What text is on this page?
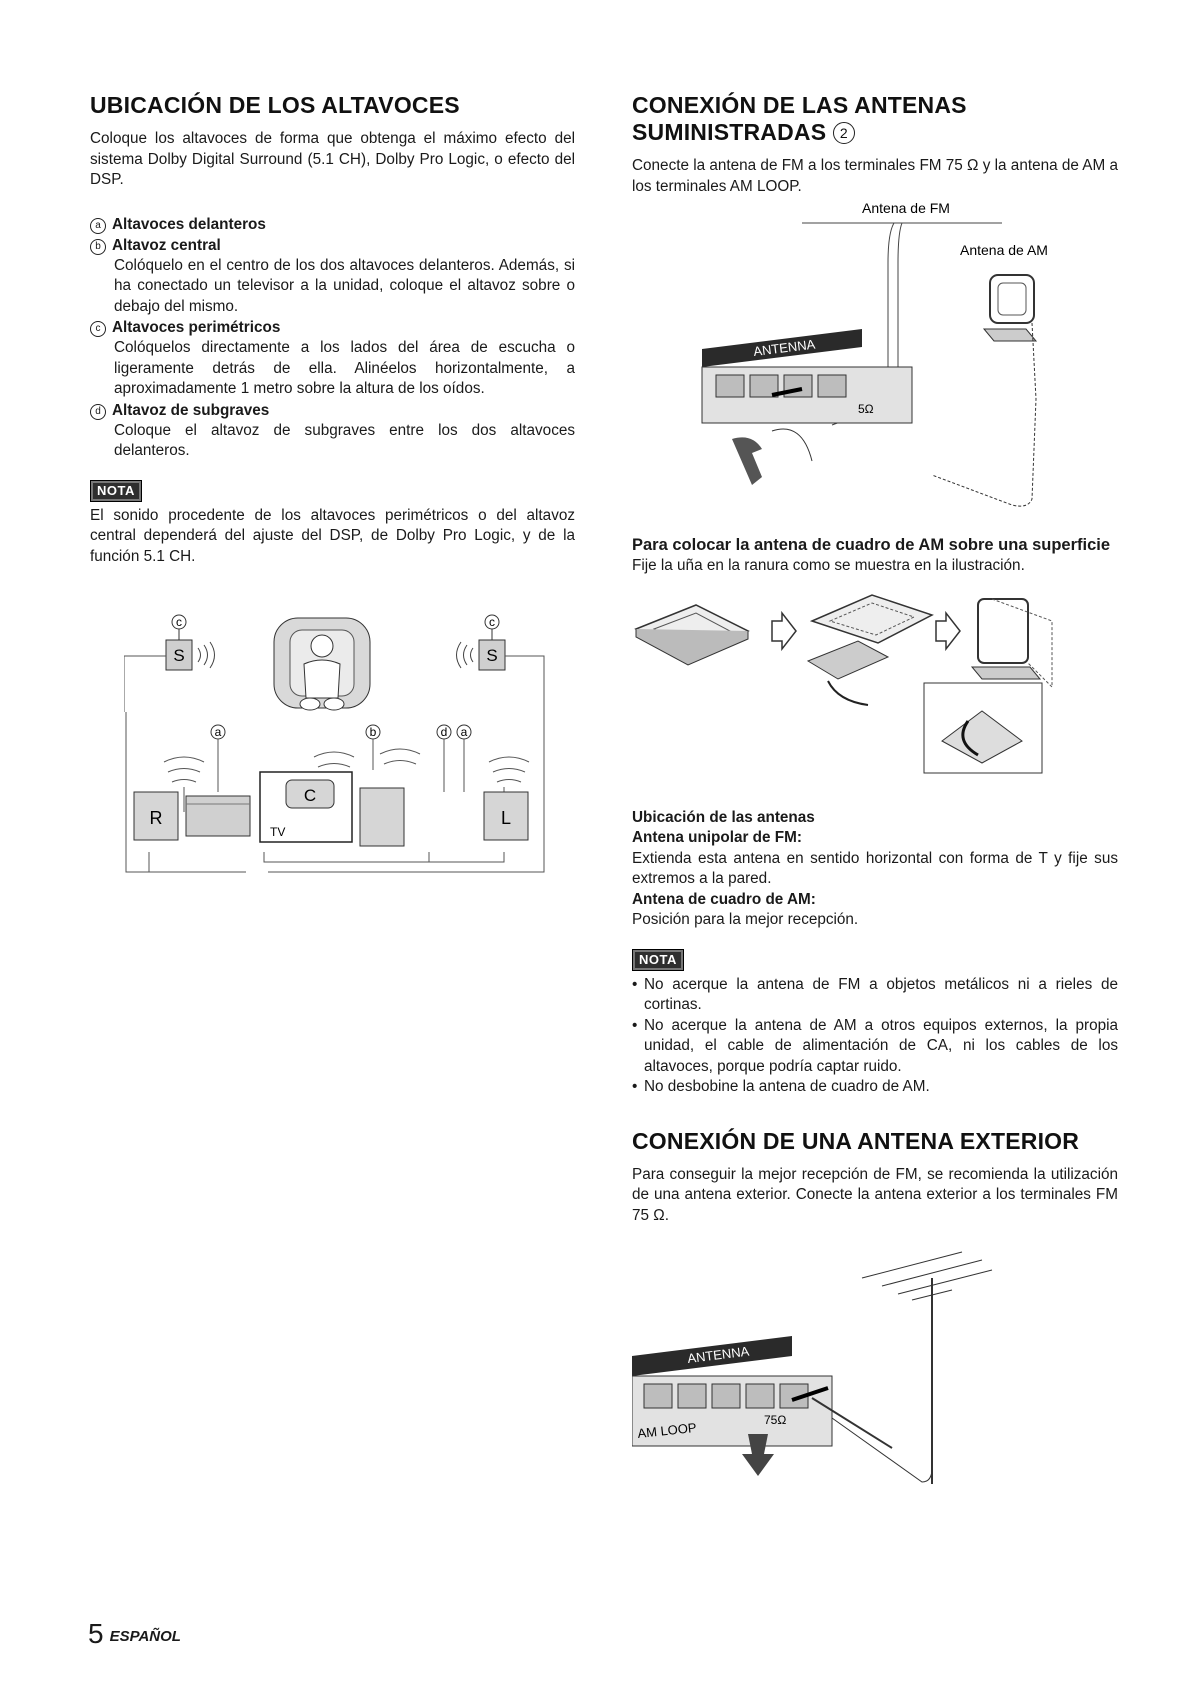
UBICACIÓN DE LOS ALTAVOCES

Coloque los altavoces de forma que obtenga el máximo efecto del sistema Dolby Digital Surround (5.1 CH), Dolby Pro Logic, o efecto del DSP.

a Altavoces delanteros
b Altavoz central
Colóquelo en el centro de los dos altavoces delanteros. Además, si ha conectado un televisor a la unidad, coloque el altavoz sobre o debajo del mismo.
c Altavoces perimétricos
Colóquelos directamente a los lados del área de escucha o ligeramente detrás de ella. Alinéelos horizontalmente, a aproximadamente 1 metro sobre la altura de los oídos.
d Altavoz de subgraves
Coloque el altavoz de subgraves entre los dos altavoces delanteros.
NOTA

El sonido procedente de los altavoces perimétricos o del altavoz central dependerá del ajuste del DSP, de Dolby Pro Logic, y de la función 5.1 CH.

c
S
c
S
a	b	d a
R
TV
C
L
CONEXIÓN DE LAS ANTENAS
SUMINISTRADAS 2

Conecte la antena de FM a los terminales FM 75 Ω y la antena de AM a los terminales AM LOOP.

Antena de FM
Antena de AM
ANTENNA
5Ω

Para colocar la antena de cuadro de AM sobre una superficie

Fije la uña en la ranura como se muestra en la ilustración.

Ubicación de las antenas
Antena unipolar de FM:

Extienda esta antena en sentido horizontal con forma de T y fije sus extremos a la pared.

Antena de cuadro de AM:

Posición para la mejor recepción.

NOTA
• No acerque la antena de FM a objetos metálicos ni a rieles de cortinas.
• No acerque la antena de AM a otros equipos externos, la propia unidad, el cable de alimentación de CA, ni los cables de los altavoces, porque podría captar ruido.
• No desbobine la antena de cuadro de AM.
CONEXIÓN DE UNA ANTENA EXTERIOR

Para conseguir la mejor recepción de FM, se recomienda la utilización de una antena exterior. Conecte la antena exterior a los terminales FM 75 Ω.

ANTENNA
AM LOOP	75Ω
5 ESPAÑOL
